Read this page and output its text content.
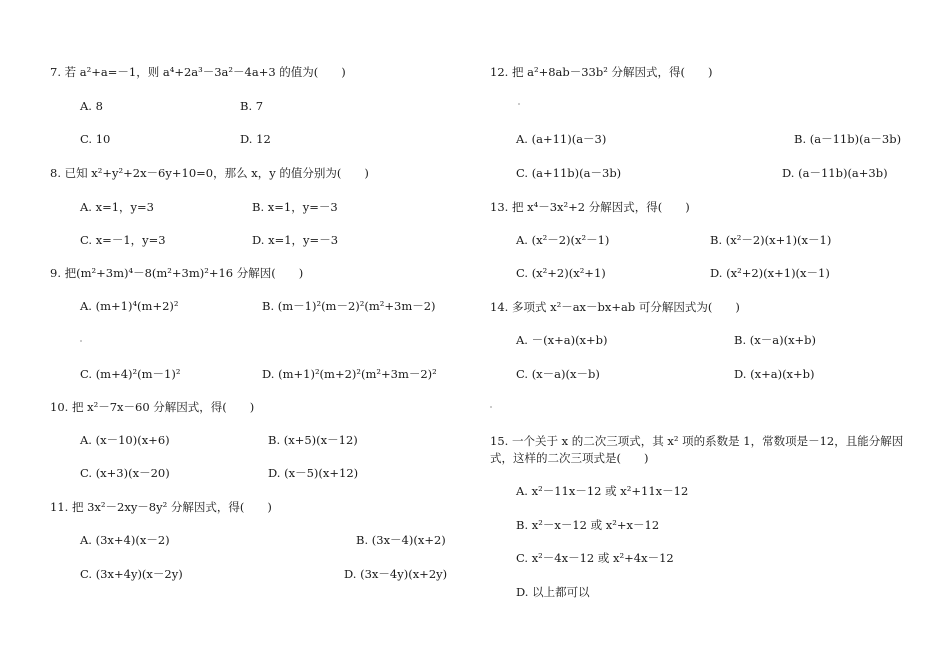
7. 若 a²+a=－1，则 a⁴+2a³－3a²－4a+3 的值为(　　)
A. 8	B. 7
C. 10	D. 12
8. 已知 x²+y²+2x－6y+10=0，那么 x，y 的值分别为(　　)
A. x=1，y=3	B. x=1，y=－3
C. x=－1，y=3	D. x=1，y=－3
9. 把(m²+3m)⁴－8(m²+3m)²+16 分解因(　　)
A. (m+1)⁴(m+2)²	B. (m－1)²(m－2)²(m²+3m－2)
C. (m+4)²(m－1)²	D. (m+1)²(m+2)²(m²+3m－2)²
10. 把 x²－7x－60 分解因式，得(　　)
A. (x－10)(x+6)	B. (x+5)(x－12)
C. (x+3)(x－20)	D. (x－5)(x+12)
11. 把 3x²－2xy－8y² 分解因式，得(　　)
A. (3x+4)(x－2)	B. (3x－4)(x+2)
C. (3x+4y)(x－2y)	D. (3x－4y)(x+2y)
12. 把 a²+8ab－33b² 分解因式，得(　　)
A. (a+11)(a－3)	B. (a－11b)(a－3b)
C. (a+11b)(a－3b)	D. (a－11b)(a+3b)
13. 把 x⁴－3x²+2 分解因式，得(　　)
A. (x²－2)(x²－1)	B. (x²－2)(x+1)(x－1)
C. (x²+2)(x²+1)	D. (x²+2)(x+1)(x－1)
14. 多项式 x²－ax－bx+ab 可分解因式为(　　)
A. －(x+a)(x+b)	B. (x－a)(x+b)
C. (x－a)(x－b)	D. (x+a)(x+b)
15. 一个关于 x 的二次三项式，其 x² 项的系数是 1，常数项是－12，且能分解因
式，这样的二次三项式是(　　)
A. x²－11x－12 或 x²+11x－12
B. x²－x－12 或 x²+x－12
C. x²－4x－12 或 x²+4x－12
D. 以上都可以
